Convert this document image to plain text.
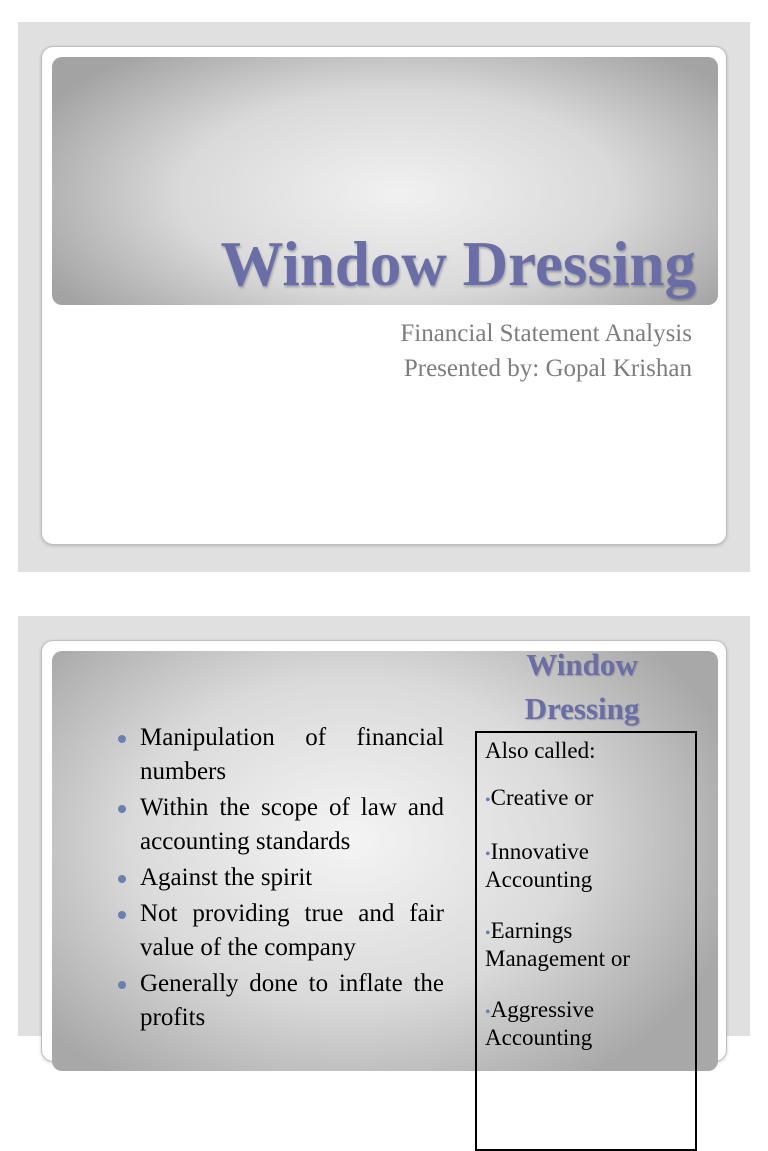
Window Dressing
Financial Statement Analysis
Presented by: Gopal Krishan
Manipulation of financial numbers
Within the scope of law and accounting standards
Against the spirit
Not providing true and fair value of the company
Generally done to inflate the profits
Window
Dressing
Also called:
•Creative or
•Innovative Accounting
•Earnings Management or
•Aggressive Accounting
